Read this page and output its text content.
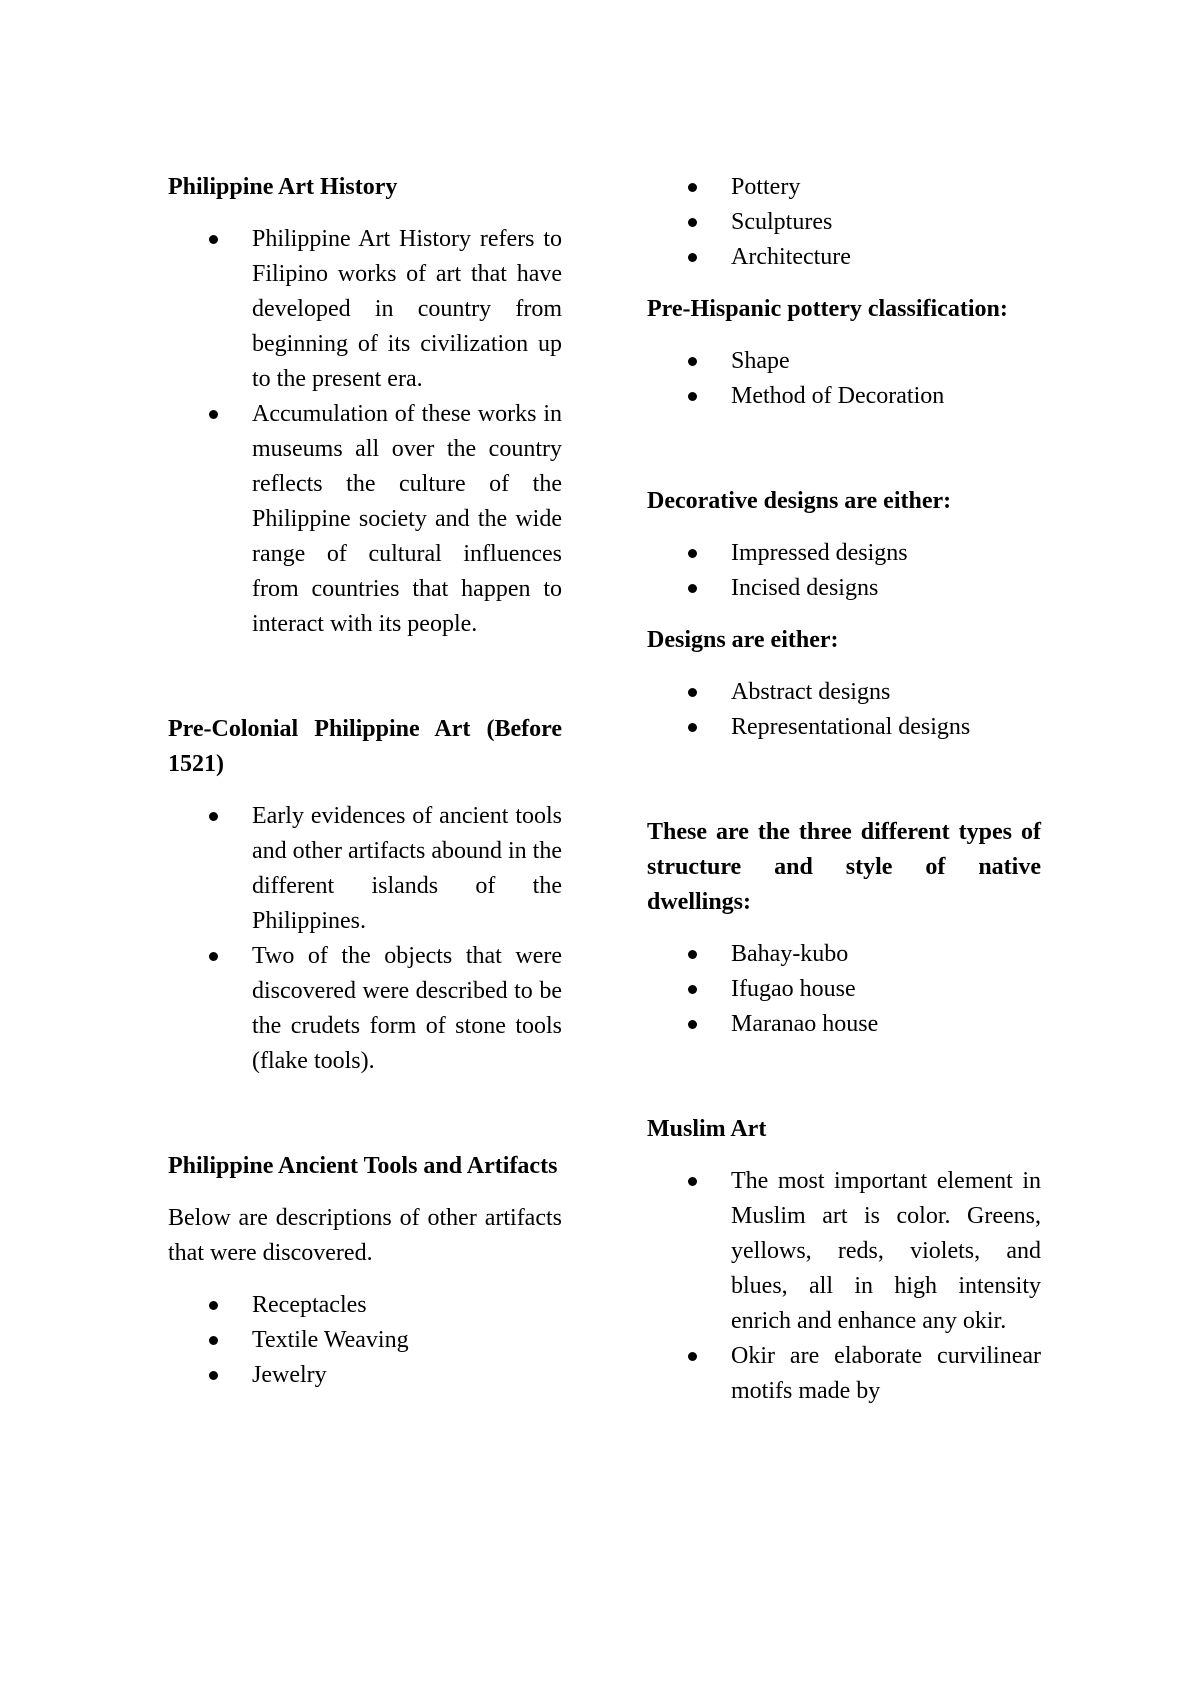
Philippine Art History
Philippine Art History refers to Filipino works of art that have developed in country from beginning of its civilization up to the present era.
Accumulation of these works in museums all over the country reflects the culture of the Philippine society and the wide range of cultural influences from countries that happen to interact with its people.
Pre-Colonial Philippine Art (Before 1521)
Early evidences of ancient tools and other artifacts abound in the different islands of the Philippines.
Two of the objects that were discovered were described to be the crudets form of stone tools (flake tools).
Philippine Ancient Tools and Artifacts
Below are descriptions of other artifacts that were discovered.
Receptacles
Textile Weaving
Jewelry
Pottery
Sculptures
Architecture
Pre-Hispanic pottery classification:
Shape
Method of Decoration
Decorative designs are either:
Impressed designs
Incised designs
Designs are either:
Abstract designs
Representational designs
These are the three different types of structure and style of native dwellings:
Bahay-kubo
Ifugao house
Maranao house
Muslim Art
The most important element in Muslim art is color. Greens, yellows, reds, violets, and blues, all in high intensity enrich and enhance any okir.
Okir are elaborate curvilinear motifs made by
